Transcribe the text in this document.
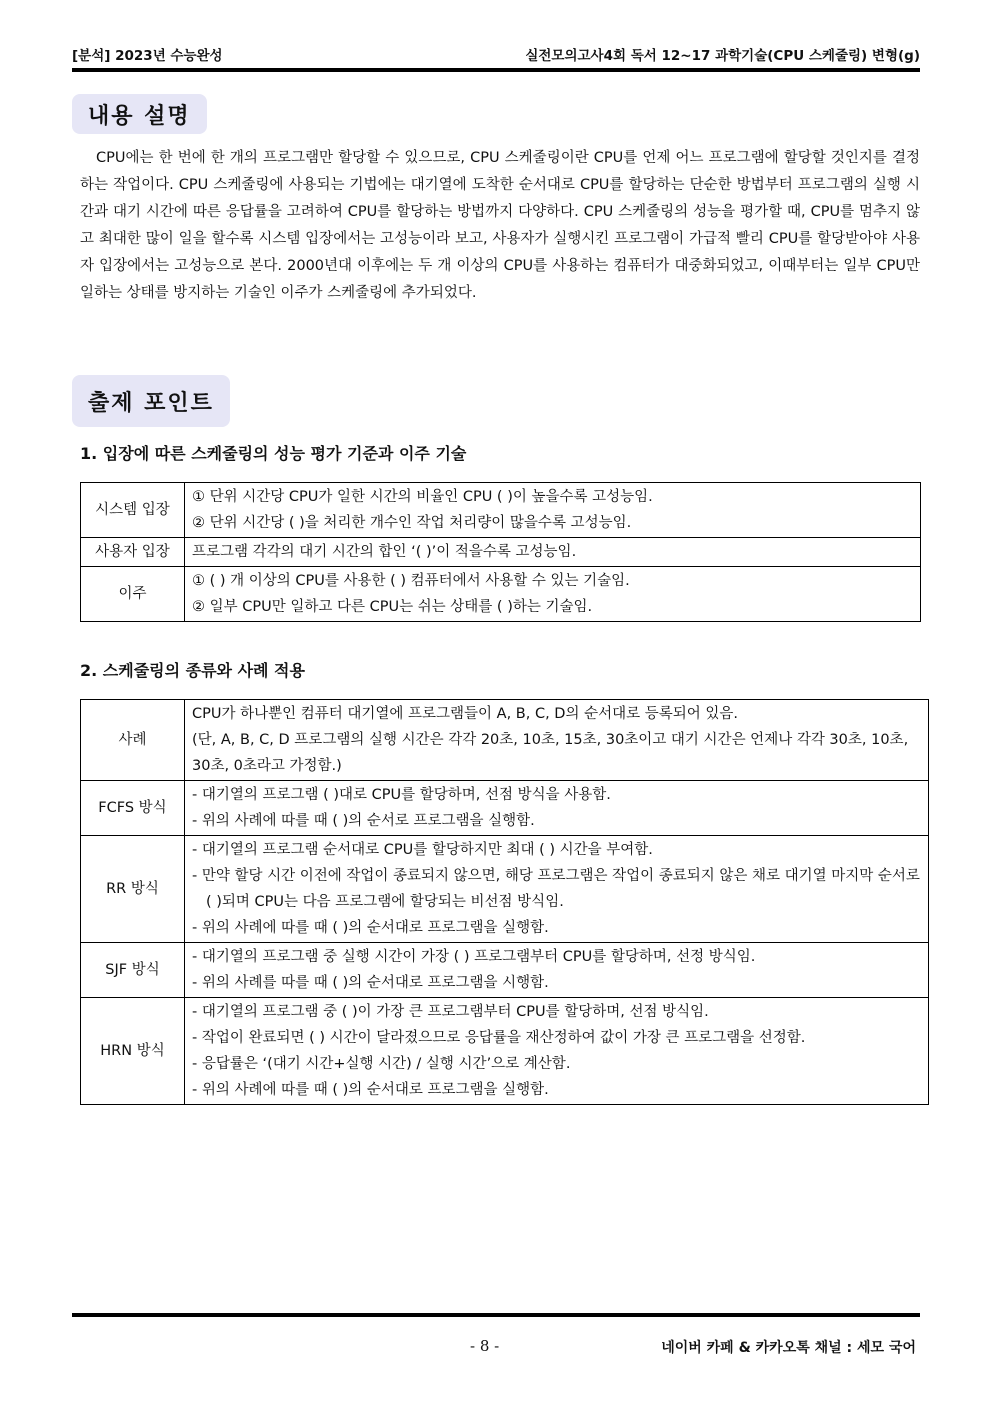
[분석] 2023년 수능완성	실전모의고사4회 독서 12~17 과학기술(CPU 스케줄링) 변형(g)
내용 설명
CPU에는 한 번에 한 개의 프로그램만 할당할 수 있으므로, CPU 스케줄링이란 CPU를 언제 어느 프로그램에 할당할 것인지를 결정하는 작업이다. CPU 스케줄링에 사용되는 기법에는 대기열에 도착한 순서대로 CPU를 할당하는 단순한 방법부터 프로그램의 실행 시간과 대기 시간에 따른 응답률을 고려하여 CPU를 할당하는 방법까지 다양하다. CPU 스케줄링의 성능을 평가할 때, CPU를 멈추지 않고 최대한 많이 일을 할수록 시스템 입장에서는 고성능이라 보고, 사용자가 실행시킨 프로그램이 가급적 빨리 CPU를 할당받아야 사용자 입장에서는 고성능으로 본다. 2000년대 이후에는 두 개 이상의 CPU를 사용하는 컴퓨터가 대중화되었고, 이때부터는 일부 CPU만 일하는 상태를 방지하는 기술인 이주가 스케줄링에 추가되었다.
출제 포인트
1. 입장에 따른 스케줄링의 성능 평가 기준과 이주 기술
시스템 입장	① 단위 시간당 CPU가 일한 시간의 비율인 CPU ( )이 높을수록 고성능임.
② 단위 시간당 ( )을 처리한 개수인 작업 처리량이 많을수록 고성능임.

사용자 입장	프로그램 각각의 대기 시간의 합인 ‘( )’이 적을수록 고성능임.

이주	① ( ) 개 이상의 CPU를 사용한 ( ) 컴퓨터에서 사용할 수 있는 기술임.
② 일부 CPU만 일하고 다른 CPU는 쉬는 상태를 ( )하는 기술임.
2. 스케줄링의 종류와 사례 적용
사례	CPU가 하나뿐인 컴퓨터 대기열에 프로그램들이 A, B, C, D의 순서대로 등록되어 있음.
(단, A, B, C, D 프로그램의 실행 시간은 각각 20초, 10초, 15초, 30초이고 대기 시간은 언제나 각각 30초, 10초, 30초, 0초라고 가정함.)

FCFS 방식	- 대기열의 프로그램 ( )대로 CPU를 할당하며, 선점 방식을 사용함.
- 위의 사례에 따를 때 ( )의 순서로 프로그램을 실행함.

RR 방식	- 대기열의 프로그램 순서대로 CPU를 할당하지만 최대 ( ) 시간을 부여함.
- 만약 할당 시간 이전에 작업이 종료되지 않으면, 해당 프로그램은 작업이 종료되지 않은 채로 대기열 마지막 순서로 ( )되며 CPU는 다음 프로그램에 할당되는 비선점 방식임.
- 위의 사례에 따를 때 ( )의 순서대로 프로그램을 실행함.

SJF 방식	- 대기열의 프로그램 중 실행 시간이 가장 ( ) 프로그램부터 CPU를 할당하며, 선정 방식임.
- 위의 사례를 따를 때 ( )의 순서대로 프로그램을 시행함.

HRN 방식	- 대기열의 프로그램 중 ( )이 가장 큰 프로그램부터 CPU를 할당하며, 선점 방식임.
- 작업이 완료되면 ( ) 시간이 달라졌으므로 응답률을 재산정하여 값이 가장 큰 프로그램을 선정함.
- 응답률은 ‘(대기 시간+실행 시간) / 실행 시간’으로 계산함.
- 위의 사례에 따를 때 ( )의 순서대로 프로그램을 실행함.
- 8 -	네이버 카페 & 카카오톡 채널 : 세모 국어
